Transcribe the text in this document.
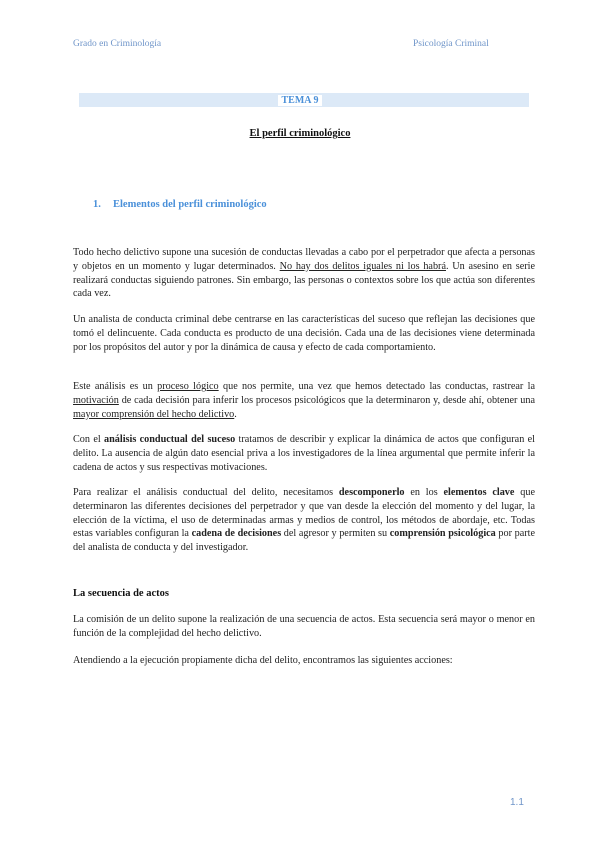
Grado en Criminología	Psicología Criminal
TEMA 9
El perfil criminológico
1. Elementos del perfil criminológico
Todo hecho delictivo supone una sucesión de conductas llevadas a cabo por el perpetrador que afecta a personas y objetos en un momento y lugar determinados. No hay dos delitos iguales ni los habrá. Un asesino en serie realizará conductas siguiendo patrones. Sin embargo, las personas o contextos sobre los que actúa son diferentes cada vez.
Un analista de conducta criminal debe centrarse en las características del suceso que reflejan las decisiones que tomó el delincuente. Cada conducta es producto de una decisión. Cada una de las decisiones viene determinada por los propósitos del autor y por la dinámica de causa y efecto de cada comportamiento.
Este análisis es un proceso lógico que nos permite, una vez que hemos detectado las conductas, rastrear la motivación de cada decisión para inferir los procesos psicológicos que la determinaron y, desde ahí, obtener una mayor comprensión del hecho delictivo.
Con el análisis conductual del suceso tratamos de describir y explicar la dinámica de actos que configuran el delito. La ausencia de algún dato esencial priva a los investigadores de la línea argumental que permite inferir la cadena de actos y sus respectivas motivaciones.
Para realizar el análisis conductual del delito, necesitamos descomponerlo en los elementos clave que determinaron las diferentes decisiones del perpetrador y que van desde la elección del momento y del lugar, la elección de la víctima, el uso de determinadas armas y medios de control, los métodos de abordaje, etc. Todas estas variables configuran la cadena de decisiones del agresor y permiten su comprensión psicológica por parte del analista de conducta y del investigador.
La secuencia de actos
La comisión de un delito supone la realización de una secuencia de actos. Esta secuencia será mayor o menor en función de la complejidad del hecho delictivo.
Atendiendo a la ejecución propiamente dicha del delito, encontramos las siguientes acciones:
1.1
